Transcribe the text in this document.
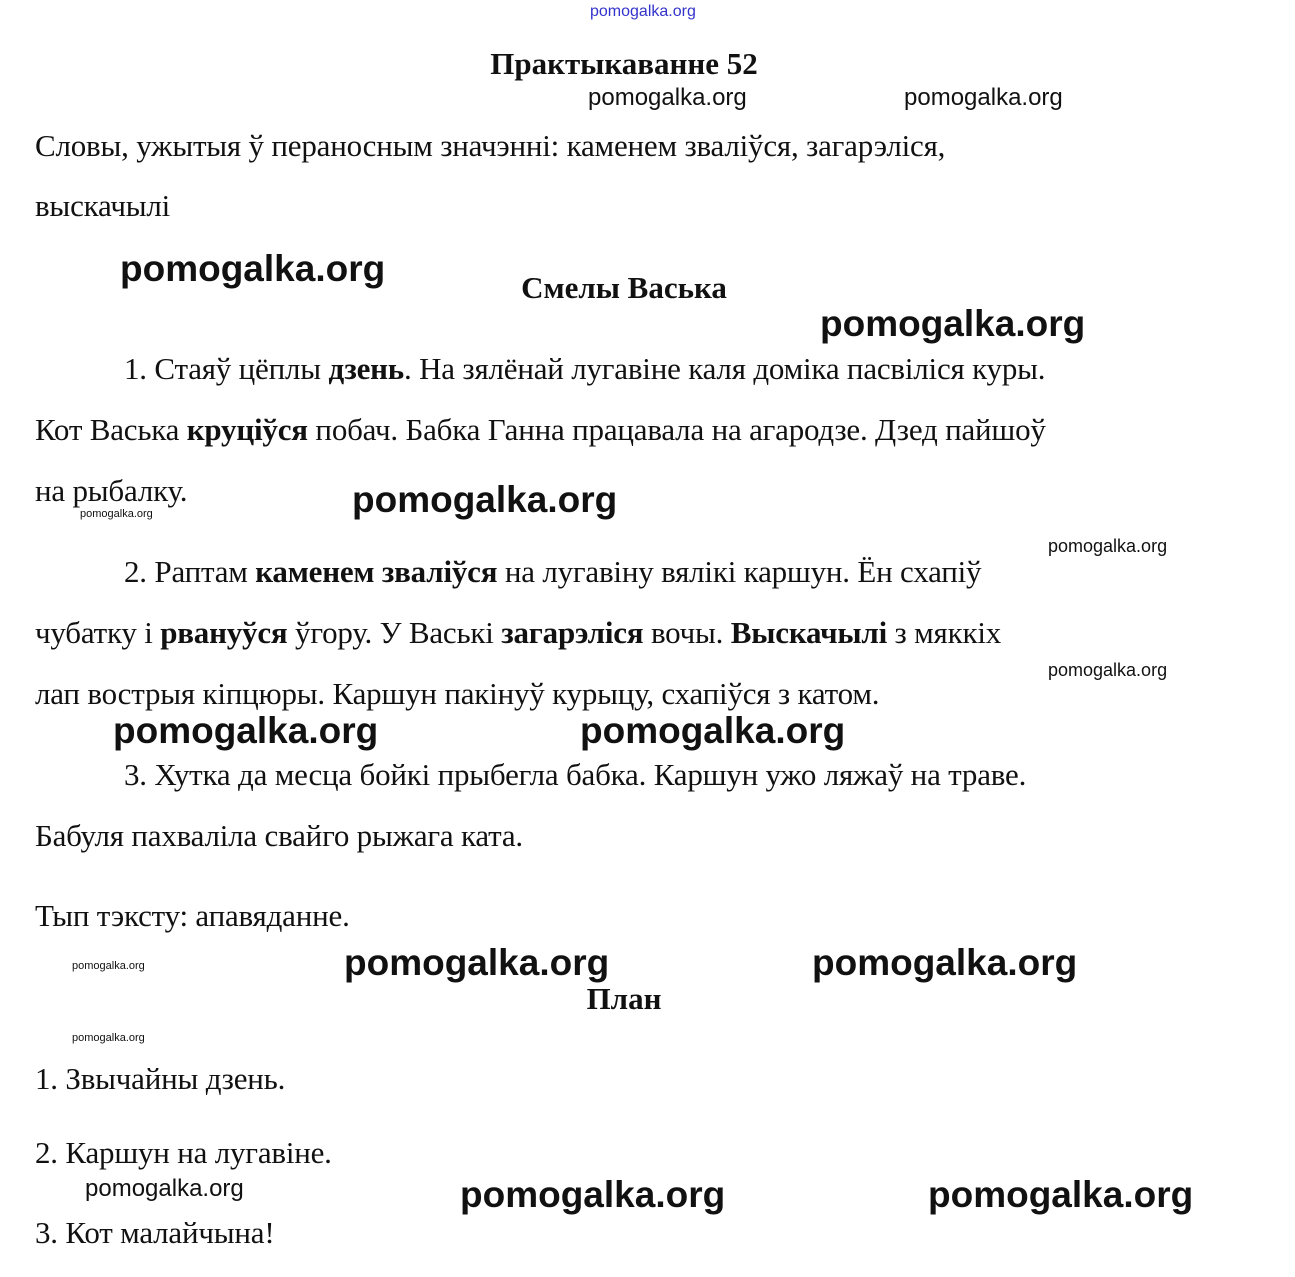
pomogalka.org
Практыкаванне 52
pomogalka.org	pomogalka.org
Словы, ужытыя ў пераносным значэнні: каменем зваліўся, загарэліся,
выскачылі
pomogalka.org	Смелы Васька
pomogalka.org
1. Стаяў цёплы дзень. На зялёнай лугавіне каля доміка пасвіліся куры.
Кот Васька круціўся побач. Бабка Ганна працавала на агародзе. Дзед пайшоў
на рыбалку.
2. Раптам каменем зваліўся на лугавіну вялікі каршун. Ён схапіў
чубатку і рвануўся ўгору. У Ваські загарэліся вочы. Выскачылі з мяккіх
лап вострыя кіпцюры. Каршун пакінуў курыцу, схапіўся з катом.
3. Хутка да месца бойкі прыбегла бабка. Каршун ужо ляжаў на траве.
Бабуля пахваліла свайго рыжага ката.
Тып тэксту: апавяданне.
pomogalka.org
pomogalka.org
pomogalka.org
pomogalka.org
pomogalka.org	pomogalka.org
pomogalka.org	pomogalka.org	pomogalka.org
План
pomogalka.org
1. Звычайны дзень.
2. Каршун на лугавіне.
3. Кот малайчына!
pomogalka.org	pomogalka.org	pomogalka.org
